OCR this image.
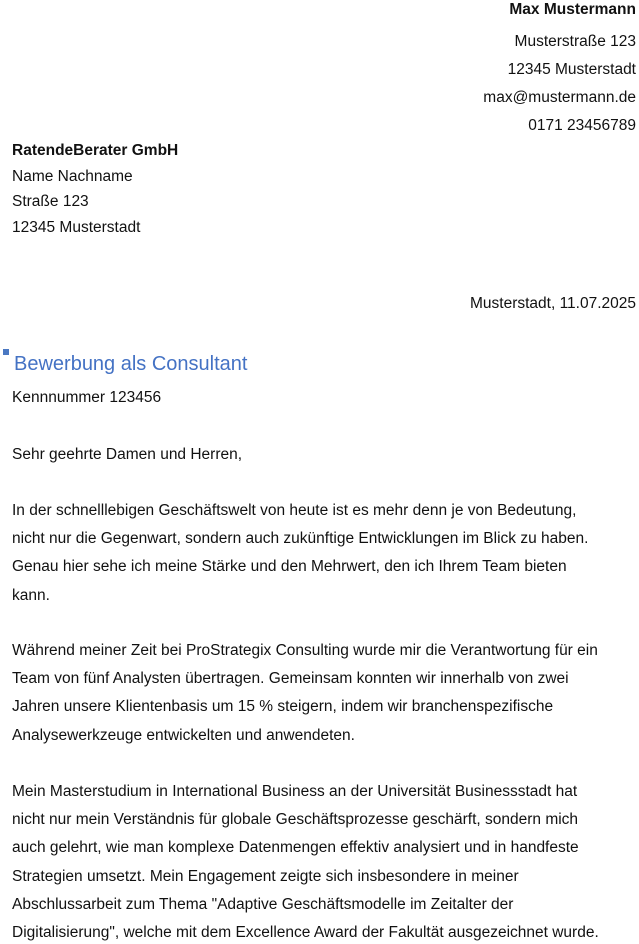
Max Mustermann
Musterstraße 123
12345 Musterstadt
max@mustermann.de
0171 23456789
RatendeBerater GmbH
Name Nachname
Straße 123
12345 Musterstadt
Musterstadt, 11.07.2025
Bewerbung als Consultant
Kennnummer 123456
Sehr geehrte Damen und Herren,

In der schnelllebigen Geschäftswelt von heute ist es mehr denn je von Bedeutung,
nicht nur die Gegenwart, sondern auch zukünftige Entwicklungen im Blick zu haben.
Genau hier sehe ich meine Stärke und den Mehrwert, den ich Ihrem Team bieten
kann.

Während meiner Zeit bei ProStrategix Consulting wurde mir die Verantwortung für ein
Team von fünf Analysten übertragen. Gemeinsam konnten wir innerhalb von zwei
Jahren unsere Klientenbasis um 15 % steigern, indem wir branchenspezifische
Analysewerkzeuge entwickelten und anwendeten.

Mein Masterstudium in International Business an der Universität Businessstadt hat
nicht nur mein Verständnis für globale Geschäftsprozesse geschärft, sondern mich
auch gelehrt, wie man komplexe Datenmengen effektiv analysiert und in handfeste
Strategien umsetzt. Mein Engagement zeigte sich insbesondere in meiner
Abschlussarbeit zum Thema "Adaptive Geschäftsmodelle im Zeitalter der
Digitalisierung", welche mit dem Excellence Award der Fakultät ausgezeichnet wurde.
